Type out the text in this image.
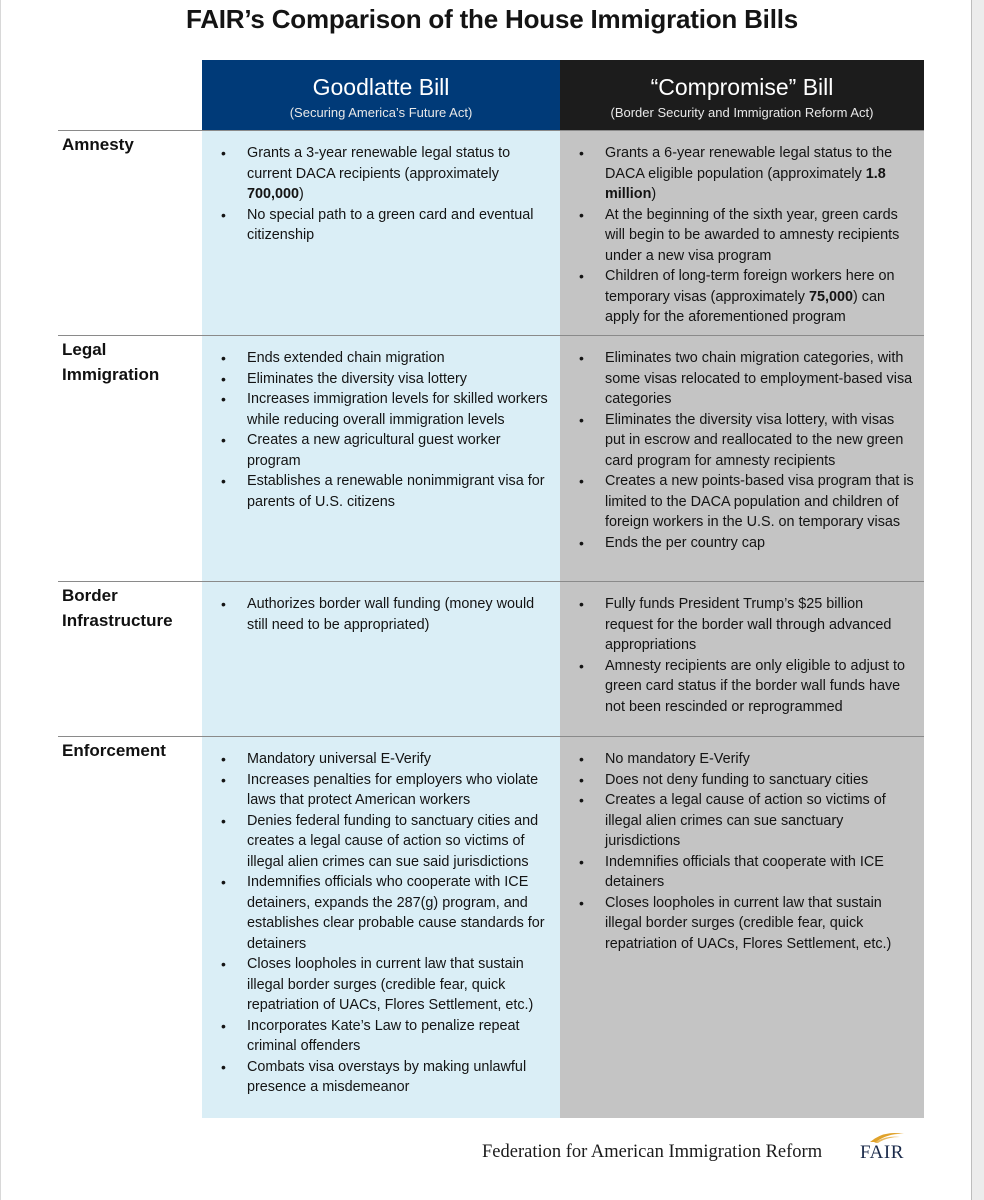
FAIR’s Comparison of the House Immigration Bills
Goodlatte Bill
(Securing America’s Future Act)
“Compromise” Bill
(Border Security and Immigration Reform Act)
Amnesty	• Grants a 3-year renewable legal status to current DACA recipients (approximately 700,000)
• No special path to a green card and eventual citizenship
• Grants a 6-year renewable legal status to the DACA eligible population (approximately 1.8 million)
• At the beginning of the sixth year, green cards will begin to be awarded to amnesty recipients under a new visa program
• Children of long-term foreign workers here on temporary visas (approximately 75,000) can apply for the aforementioned program
Legal Immigration
• Ends extended chain migration
• Eliminates the diversity visa lottery
• Increases immigration levels for skilled workers while reducing overall immigration levels
• Creates a new agricultural guest worker program
• Establishes a renewable nonimmigrant visa for parents of U.S. citizens
• Eliminates two chain migration categories, with some visas relocated to employment-based visa categories
• Eliminates the diversity visa lottery, with visas put in escrow and reallocated to the new green card program for amnesty recipients
• Creates a new points-based visa program that is limited to the DACA population and children of foreign workers in the U.S. on temporary visas
• Ends the per country cap
Border Infrastructure
• Authorizes border wall funding (money would still need to be appropriated)
• Fully funds President Trump’s $25 billion request for the border wall through advanced appropriations
• Amnesty recipients are only eligible to adjust to green card status if the border wall funds have not been rescinded or reprogrammed
Enforcement	• Mandatory universal E-Verify
• Increases penalties for employers who violate laws that protect American workers
• Denies federal funding to sanctuary cities and creates a legal cause of action so victims of illegal alien crimes can sue said jurisdictions
• Indemnifies officials who cooperate with ICE detainers, expands the 287(g) program, and establishes clear probable cause standards for detainers
• Closes loopholes in current law that sustain illegal border surges (credible fear, quick repatriation of UACs, Flores Settlement, etc.)
• Incorporates Kate’s Law to penalize repeat criminal offenders
• Combats visa overstays by making unlawful presence a misdemeanor
• No mandatory E-Verify
• Does not deny funding to sanctuary cities
• Creates a legal cause of action so victims of illegal alien crimes can sue sanctuary jurisdictions
• Indemnifies officials that cooperate with ICE detainers
• Closes loopholes in current law that sustain illegal border surges (credible fear, quick repatriation of UACs, Flores Settlement, etc.)
Federation for American Immigration Reform FAIR
